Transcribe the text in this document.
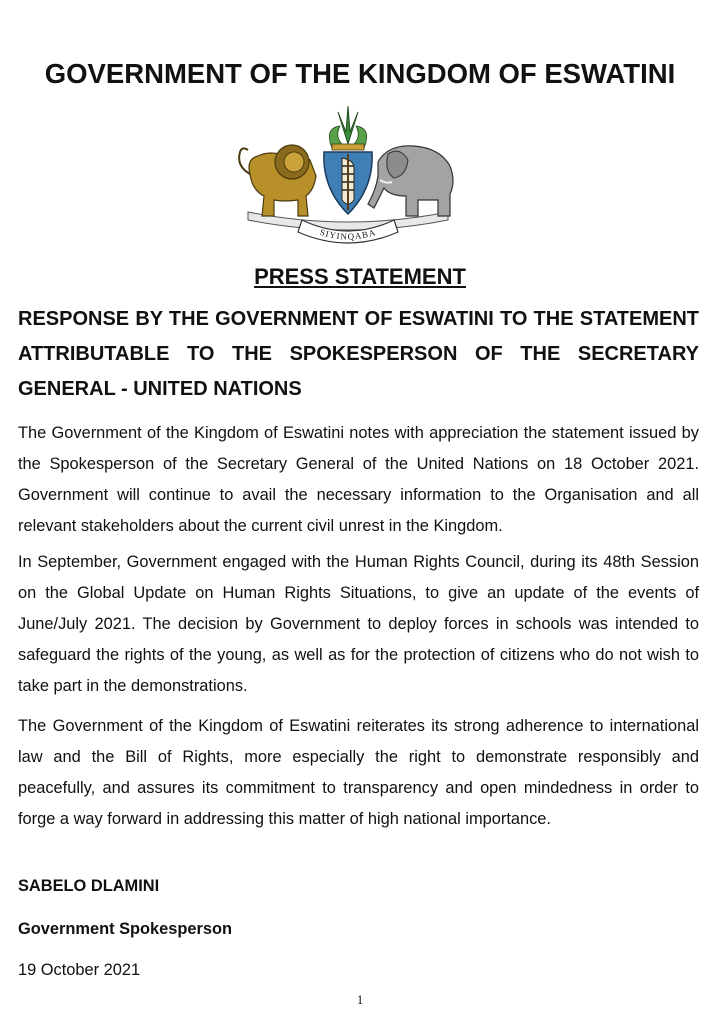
GOVERNMENT OF THE KINGDOM OF ESWATINI
SIYINQABA
PRESS STATEMENT
RESPONSE BY THE GOVERNMENT OF ESWATINI TO THE STATEMENT ATTRIBUTABLE TO THE SPOKESPERSON OF THE SECRETARY GENERAL - UNITED NATIONS
The Government of the Kingdom of Eswatini notes with appreciation the statement issued by the Spokesperson of the Secretary General of the United Nations on 18 October 2021. Government will continue to avail the necessary information to the Organisation and all relevant stakeholders about the current civil unrest in the Kingdom.
In September, Government engaged with the Human Rights Council, during its 48th Session on the Global Update on Human Rights Situations, to give an update of the events of June/July 2021. The decision by Government to deploy forces in schools was intended to safeguard the rights of the young, as well as for the protection of citizens who do not wish to take part in the demonstrations.
The Government of the Kingdom of Eswatini reiterates its strong adherence to international law and the Bill of Rights, more especially the right to demonstrate responsibly and peacefully, and assures its commitment to transparency and open mindedness in order to forge a way forward in addressing this matter of high national importance.
SABELO DLAMINI
Government Spokesperson
19 October 2021
1
